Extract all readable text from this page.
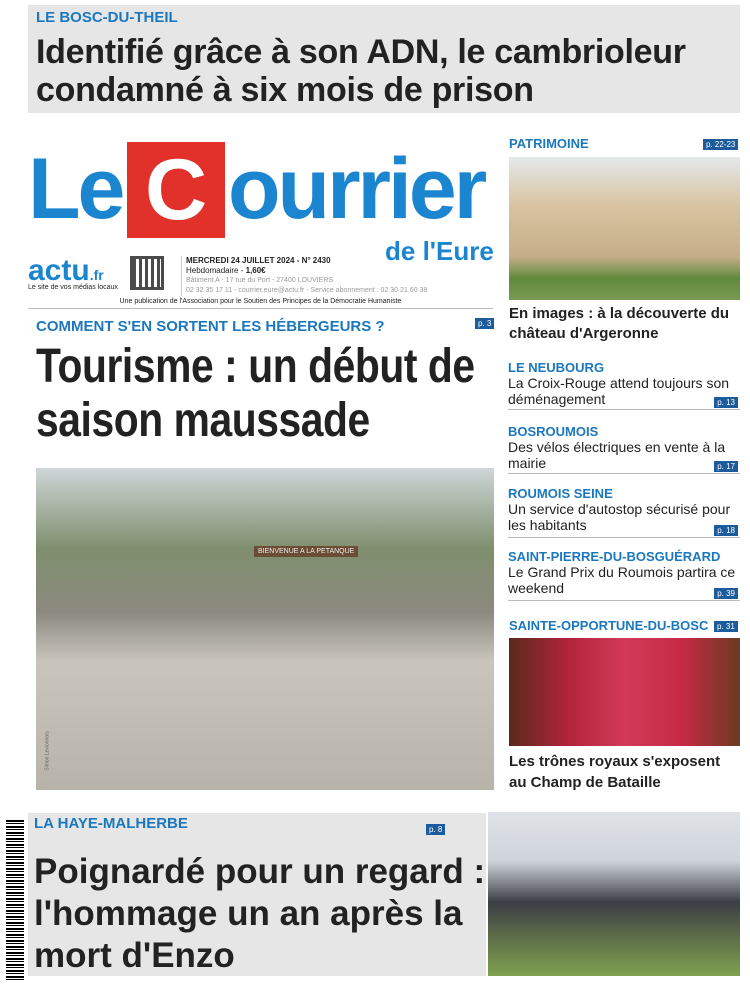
LE BOSC-DU-THEIL
Identifié grâce à son ADN, le cambrioleur condamné à six mois de prison
Le C ourrier
de l'Eure
actu.fr
Le site de vos médias locaux
MERCREDI 24 JUILLET 2024 - N° 2430
Hebdomadaire - 1,60€
Bâtiment A - 17 rue du Port - 27400 LOUVIERS
02 32 35 17 11 - courrier.eure@actu.fr - Service abonnement : 02 30 21 60 38
Une publication de l'Association pour le Soutien des Principes de la Démocratie Humaniste
COMMENT S'EN SORTENT LES HÉBERGEURS ?	p. 3
Tourisme : un début de saison maussade
BIENVENUE A LA PETANQUE
Simon Levionnois
PATRIMOINE	p. 22-23
En images : à la découverte du château d'Argeronne
LE NEUBOURG
La Croix-Rouge attend toujours son déménagement	p. 13
BOSROUMOIS
Des vélos électriques en vente à la mairie	p. 17
ROUMOIS SEINE
Un service d'autostop sécurisé pour les habitants	p. 18
SAINT-PIERRE-DU-BOSGUÉRARD
Le Grand Prix du Roumois partira ce weekend	p. 39
SAINTE-OPPORTUNE-DU-BOSC	p. 31
Les trônes royaux s'exposent au Champ de Bataille
LA HAYE-MALHERBE	p. 8
Poignardé pour un regard : l'hommage un an après la mort d'Enzo
